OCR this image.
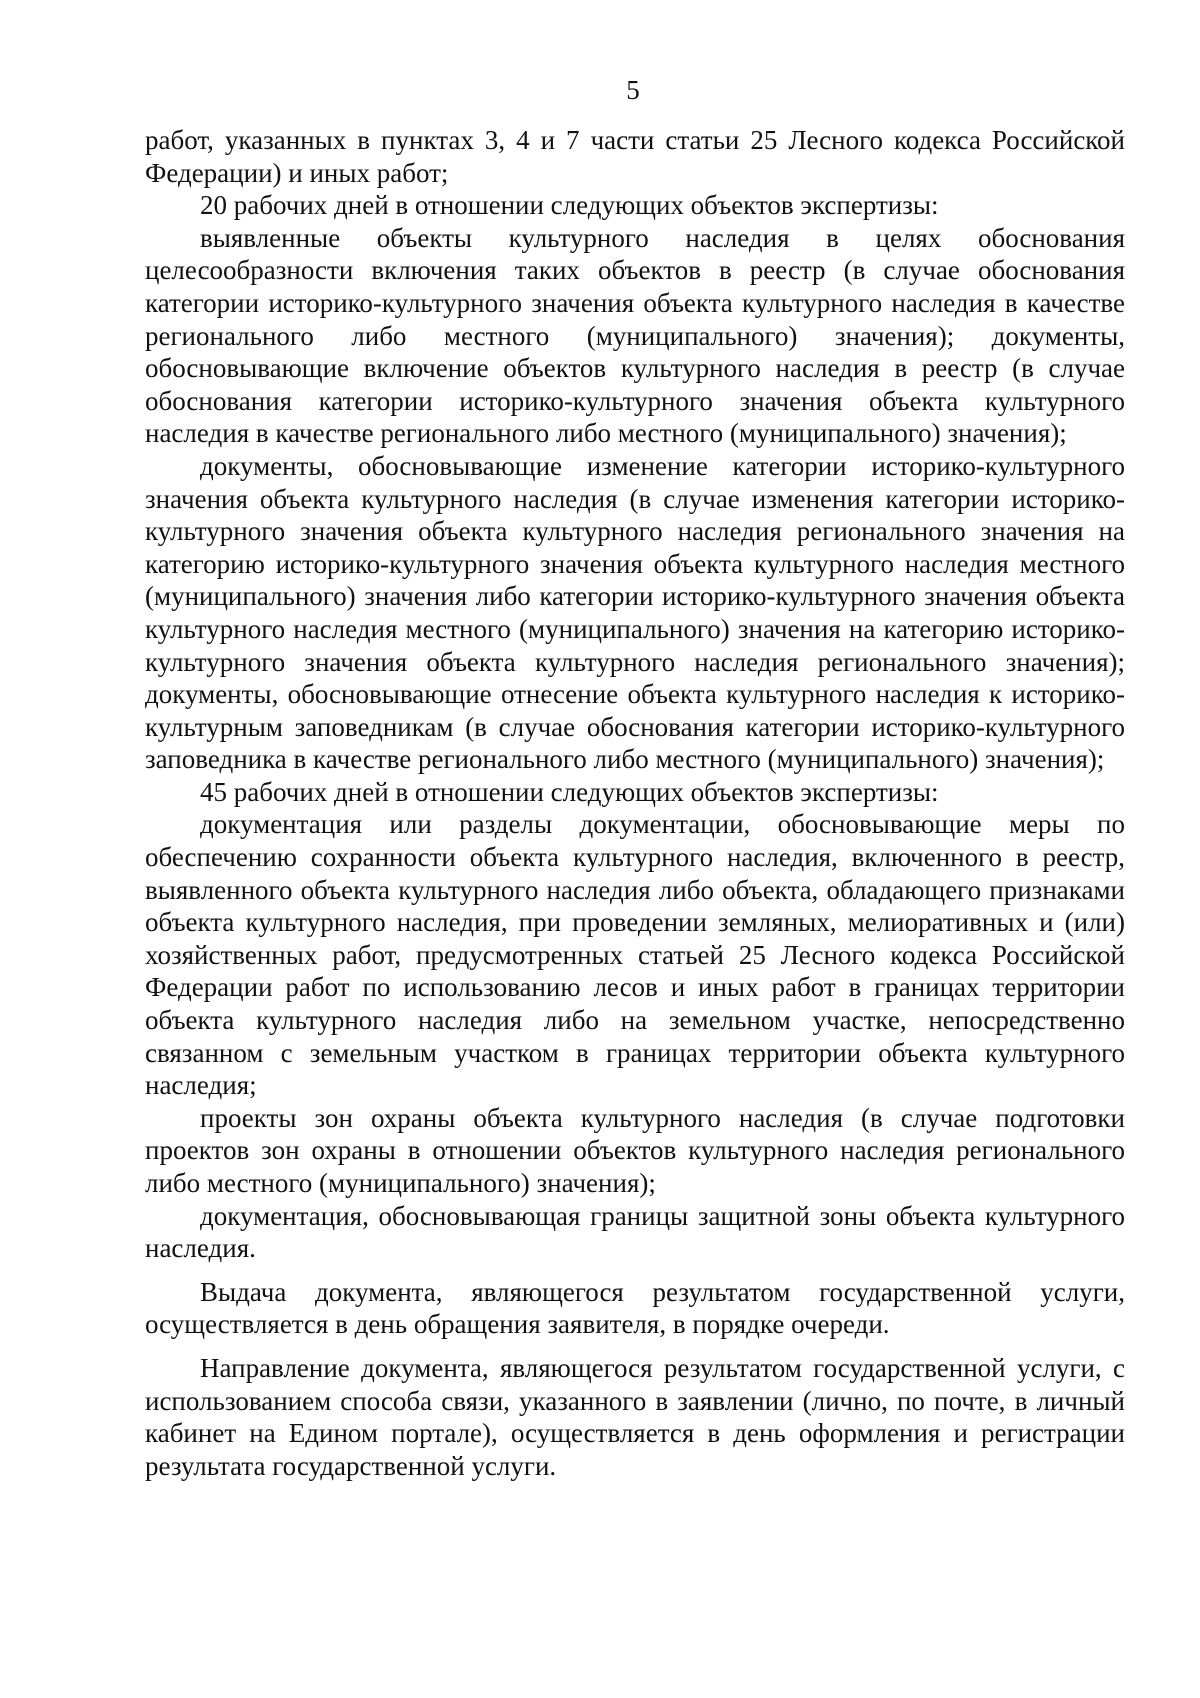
5

работ, указанных в пунктах 3, 4 и 7 части статьи 25 Лесного кодекса Российской Федерации) и иных работ;

20 рабочих дней в отношении следующих объектов экспертизы:

выявленные объекты культурного наследия в целях обоснования целесообразности включения таких объектов в реестр (в случае обоснования категории историко-культурного значения объекта культурного наследия в качестве регионального либо местного (муниципального) значения); документы, обосновывающие включение объектов культурного наследия в реестр (в случае обоснования категории историко-культурного значения объекта культурного наследия в качестве регионального либо местного (муниципального) значения);

документы, обосновывающие изменение категории историко-культурного значения объекта культурного наследия (в случае изменения категории историко-культурного значения объекта культурного наследия регионального значения на категорию историко-культурного значения объекта культурного наследия местного (муниципального) значения либо категории историко-культурного значения объекта культурного наследия местного (муниципального) значения на категорию историко-культурного значения объекта культурного наследия регионального значения); документы, обосновывающие отнесение объекта культурного наследия к историко-культурным заповедникам (в случае обоснования категории историко-культурного заповедника в качестве регионального либо местного (муниципального) значения);

45 рабочих дней в отношении следующих объектов экспертизы:

документация или разделы документации, обосновывающие меры по обеспечению сохранности объекта культурного наследия, включенного в реестр, выявленного объекта культурного наследия либо объекта, обладающего признаками объекта культурного наследия, при проведении земляных, мелиоративных и (или) хозяйственных работ, предусмотренных статьей 25 Лесного кодекса Российской Федерации работ по использованию лесов и иных работ в границах территории объекта культурного наследия либо на земельном участке, непосредственно связанном с земельным участком в границах территории объекта культурного наследия;

проекты зон охраны объекта культурного наследия (в случае подготовки проектов зон охраны в отношении объектов культурного наследия регионального либо местного (муниципального) значения);

документация, обосновывающая границы защитной зоны объекта культурного наследия.

Выдача документа, являющегося результатом государственной услуги, осуществляется в день обращения заявителя, в порядке очереди.

Направление документа, являющегося результатом государственной услуги, с использованием способа связи, указанного в заявлении (лично, по почте, в личный кабинет на Едином портале), осуществляется в день оформления и регистрации результата государственной услуги.
